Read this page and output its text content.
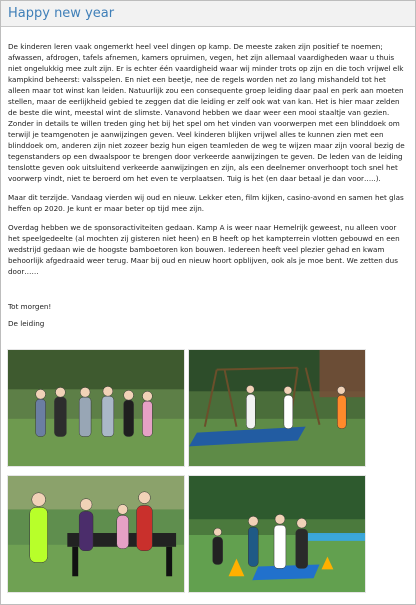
Happy new year

De kinderen leren vaak ongemerkt heel veel dingen op kamp. De meeste zaken zijn positief te noemen; afwassen, afdrogen, tafels afnemen, kamers opruimen, vegen, het zijn allemaal vaardigheden waar u thuis niet ongelukkig mee zult zijn. Er is echter één vaardigheid waar wij minder trots op zijn en die toch vrijwel elk kampkind beheerst: valsspelen. En niet een beetje, nee de regels worden net zo lang mishandeld tot het alleen maar tot winst kan leiden. Natuurlijk zou een consequente groep leiding daar paal en perk aan moeten stellen, maar de eerlijkheid gebied te zeggen dat die leiding er zelf ook wat van kan. Het is hier maar zelden de beste die wint, meestal wint de slimste. Vanavond hebben we daar weer een mooi staaltje van gezien. Zonder in details te willen treden ging het bij het spel om het vinden van voorwerpen met een blinddoek om terwijl je teamgenoten je aanwijzingen geven. Veel kinderen blijken vrijwel alles te kunnen zien met een blinddoek om, anderen zijn niet zozeer bezig hun eigen teamleden de weg te wijzen maar zijn vooral bezig de tegenstanders op een dwaalspoor te brengen door verkeerde aanwijzingen te geven. De leden van de leiding tenslotte geven ook uitsluitend verkeerde aanwijzingen en zijn, als een deelnemer onverhoopt toch snel het voorwerp vindt, niet te beroerd om het even te verplaatsen. Tuig is het (en daar betaal je dan voor…..).

Maar dit terzijde. Vandaag vierden wij oud en nieuw. Lekker eten, film kijken, casino-avond en samen het glas heffen op 2020. Je kunt er maar beter op tijd mee zijn.

Overdag hebben we de sponsoractiviteiten gedaan. Kamp A is weer naar Hemelrijk geweest, nu alleen voor het speelgedeelte (al mochten zij gisteren niet heen) en B heeft op het kampterrein vlotten gebouwd en een wedstrijd gedaan wie de hoogste bamboetoren kon bouwen. Iedereen heeft veel plezier gehad en kwam behoorlijk afgedraaid weer terug. Maar bij oud en nieuw hoort opblijven, ook als je moe bent. We zetten dus door……

Tot morgen!

De leiding
